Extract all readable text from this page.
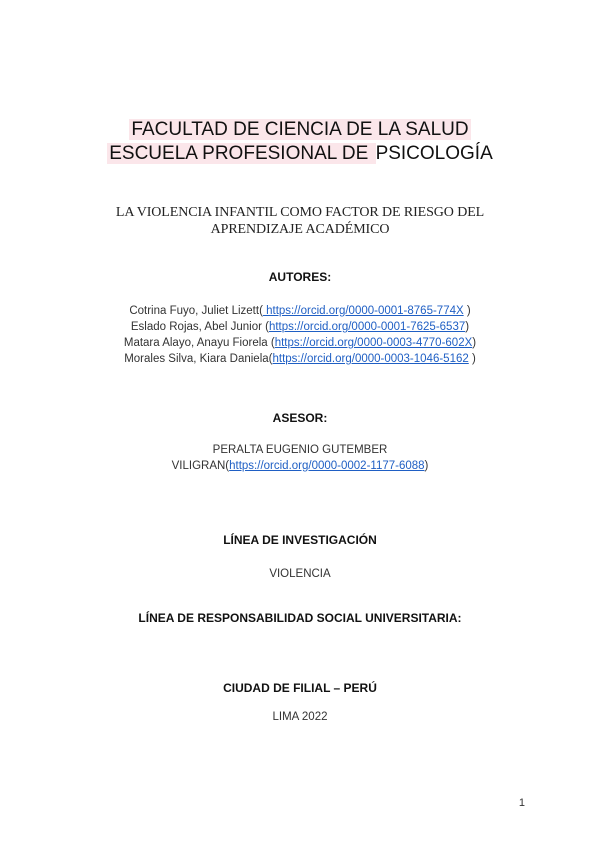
FACULTAD DE CIENCIA DE LA SALUD
ESCUELA PROFESIONAL DE PSICOLOGÍA
LA VIOLENCIA INFANTIL COMO FACTOR DE RIESGO DEL
APRENDIZAJE ACADÉMICO
AUTORES:
Cotrina Fuyo, Juliet Lizett( https://orcid.org/0000-0001-8765-774X )
Eslado Rojas, Abel Junior (https://orcid.org/0000-0001-7625-6537)
Matara Alayo, Anayu Fiorela (https://orcid.org/0000-0003-4770-602X)
Morales Silva, Kiara Daniela(https://orcid.org/0000-0003-1046-5162 )
ASESOR:
PERALTA EUGENIO GUTEMBER
VILIGRAN(https://orcid.org/0000-0002-1177-6088)
LÍNEA DE INVESTIGACIÓN
VIOLENCIA
LÍNEA DE RESPONSABILIDAD SOCIAL UNIVERSITARIA:
CIUDAD DE FILIAL – PERÚ
LIMA 2022
1
